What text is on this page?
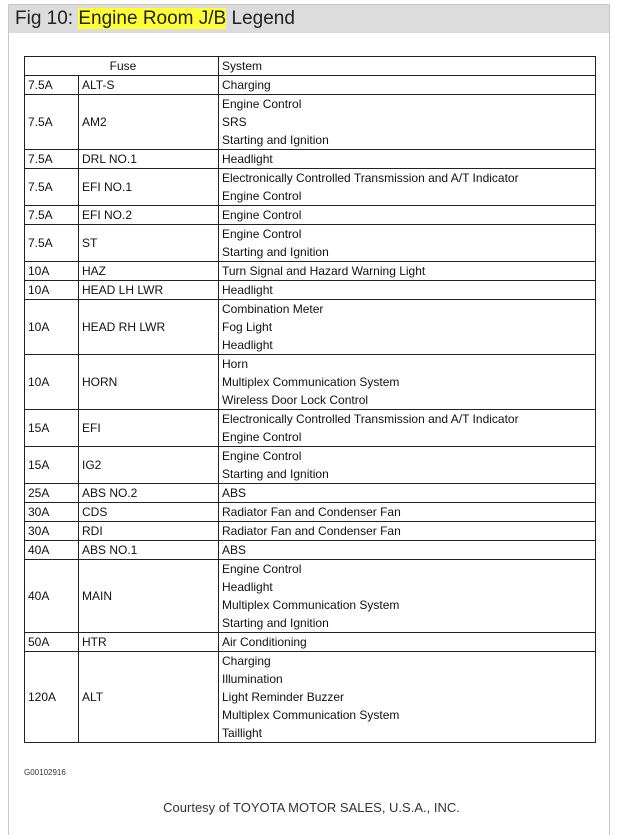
Fig 10: Engine Room J/B Legend
Fuse		System
7.5A	ALT-S	Charging

7.5A	AM2	Engine Control
SRS
Starting and Ignition

7.5A	DRL NO.1	Headlight

7.5A	EFI NO.1	Electronically Controlled Transmission and A/T Indicator
Engine Control

7.5A	EFI NO.2	Engine Control

7.5A	ST	Engine Control
Starting and Ignition

10A	HAZ	Turn Signal and Hazard Warning Light

10A	HEAD LH LWR	Headlight

10A	HEAD RH LWR	Combination Meter
Fog Light
Headlight

10A	HORN	Horn
Multiplex Communication System
Wireless Door Lock Control

15A	EFI	Electronically Controlled Transmission and A/T Indicator
Engine Control

15A	IG2	Engine Control
Starting and Ignition

25A	ABS NO.2	ABS

30A	CDS	Radiator Fan and Condenser Fan

30A	RDI	Radiator Fan and Condenser Fan

40A	ABS NO.1	ABS

40A	MAIN	Engine Control
Headlight
Multiplex Communication System
Starting and Ignition

50A	HTR	Air Conditioning

120A	ALT	Charging
Illumination
Light Reminder Buzzer
Multiplex Communication System
Taillight
G00102916
Courtesy of TOYOTA MOTOR SALES, U.S.A., INC.
